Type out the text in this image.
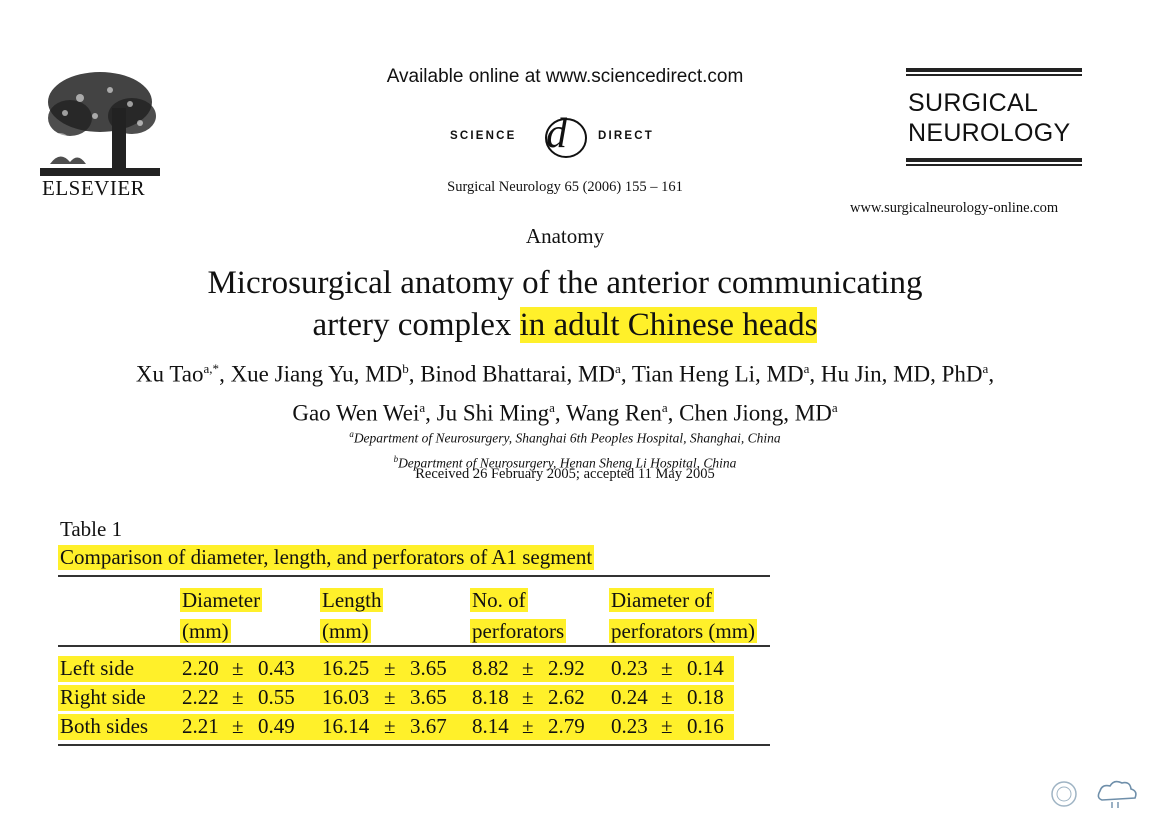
ELSEVIER
Available online at www.sciencedirect.com
SCIENCE d	DIRECT
Surgical Neurology 65 (2006) 155 – 161
SURGICAL
NEUROLOGY
www.surgicalneurology-online.com
Anatomy
Microsurgical anatomy of the anterior communicating
artery complex in adult Chinese heads
Xu Tao$^{a,*}$, Xue Jiang Yu, $MD^b$, Binod Bhattarai, $MD^a$, Tian Heng Li, $MD^a$, Hu Jin, MD, PhD$^a$,
Gao Wen Wei$^a$, Ju Shi Ming$^a$, Wang Ren$^a$, Chen Jiong, $MD^a$
$^a$Department of Neurosurgery, Shanghai 6th Peoples Hospital, Shanghai, China
$^b$Department of Neurosurgery, Henan Sheng Li Hospital, China
Received 26 February 2005; accepted 11 May 2005
Table 1
Comparison of diameter, length, and perforators of A1 segment
Diameter
(mm)
Length
(mm)
No. of
perforators
Diameter of
perforators (mm)
Left side 2.20 ± 0.43 16.25 ± 3.65 8.82 ± 2.92 0.23 ± 0.14
Right side 2.22 ± 0.55 16.03 ± 3.65 8.18 ± 2.62 0.24 ± 0.18
Both sides 2.21 ± 0.49 16.14 ± 3.67 8.14 ± 2.79 0.23 ± 0.16
